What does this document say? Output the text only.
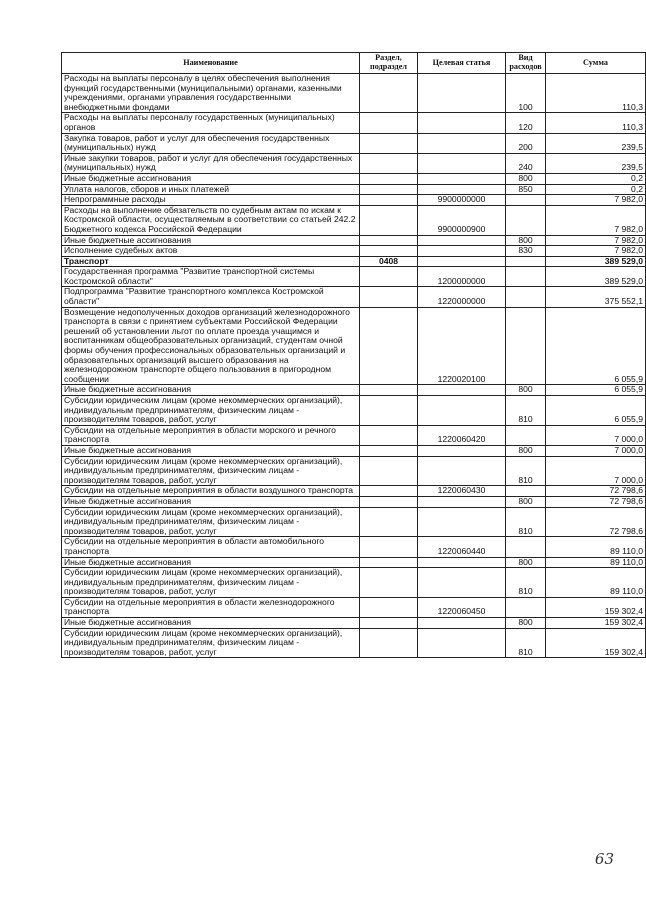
Наименование	Раздел, подраздел	Целевая статья	Вид расходов	Сумма
Расходы на выплаты персоналу в целях обеспечения выполнения функций государственными (муниципальными) органами, казенными учреждениями, органами управления государственными внебюджетными фондами			100	110,3
Расходы на выплаты персоналу государственных (муниципальных) органов			120	110,3
Закупка товаров, работ и услуг для обеспечения государственных (муниципальных) нужд			200	239,5
Иные закупки товаров, работ и услуг для обеспечения государственных (муниципальных) нужд			240	239,5
Иные бюджетные ассигнования			800	0,2
Уплата налогов, сборов и иных платежей			850	0,2
Непрограммные расходы		9900000000		7 982,0
Расходы на выполнение обязательств по судебным актам по искам к Костромской области, осуществляемым в соответствии со статьей 242.2 Бюджетного кодекса Российской Федерации		9900000900		7 982,0
Иные бюджетные ассигнования			800	7 982,0
Исполнение судебных актов			830	7 982,0
Транспорт	0408			389 529,0
Государственная программа "Развитие транспортной системы Костромской области"		1200000000		389 529,0
Подпрограмма "Развитие транспортного комплекса Костромской области"		1220000000		375 552,1
Возмещение недополученных доходов организаций железнодорожного транспорта в связи с принятием субъектами Российской Федерации решений об установлении льгот по оплате проезда учащимся и воспитанникам общеобразовательных организаций, студентам очной формы обучения профессиональных образовательных организаций и образовательных организаций высшего образования на железнодорожном транспорте общего пользования в пригородном сообщении		1220020100		6 055,9
Иные бюджетные ассигнования			800	6 055,9
Субсидии юридическим лицам (кроме некоммерческих организаций), индивидуальным предпринимателям, физическим лицам - производителям товаров, работ, услуг			810	6 055,9
Субсидии на отдельные мероприятия в области морского и речного транспорта		1220060420		7 000,0
Иные бюджетные ассигнования			800	7 000,0
Субсидии юридическим лицам (кроме некоммерческих организаций), индивидуальным предпринимателям, физическим лицам - производителям товаров, работ, услуг			810	7 000,0
Субсидии на отдельные мероприятия в области воздушного транспорта		1220060430		72 798,6
Иные бюджетные ассигнования			800	72 798,6
Субсидии юридическим лицам (кроме некоммерческих организаций), индивидуальным предпринимателям, физическим лицам - производителям товаров, работ, услуг			810	72 798,6
Субсидии на отдельные мероприятия в области автомобильного транспорта		1220060440		89 110,0
Иные бюджетные ассигнования			800	89 110,0
Субсидии юридическим лицам (кроме некоммерческих организаций), индивидуальным предпринимателям, физическим лицам - производителям товаров, работ, услуг			810	89 110,0
Субсидии на отдельные мероприятия в области железнодорожного транспорта		1220060450		159 302,4
Иные бюджетные ассигнования			800	159 302,4
Субсидии юридическим лицам (кроме некоммерческих организаций), индивидуальным предпринимателям, физическим лицам - производителям товаров, работ, услуг			810	159 302,4
63
